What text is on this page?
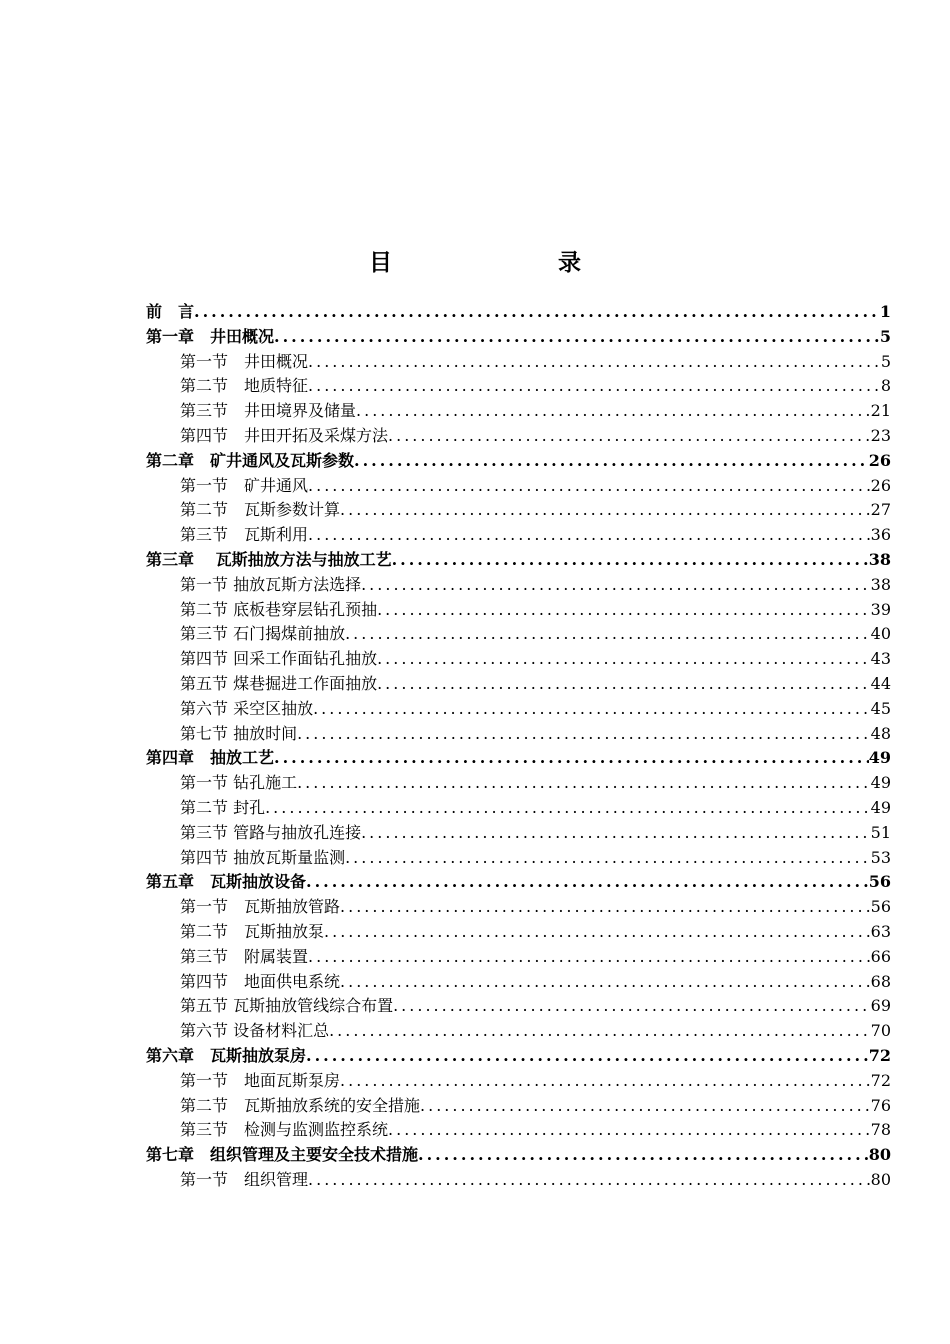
目　　录
前　言 .....	1
第一章　井田概况 .....	5
第一节　井田概况 .....	5
第二节　地质特征 .....	8
第三节　井田境界及储量 .....	21
第四节　井田开拓及采煤方法 .....	23
第二章　矿井通风及瓦斯参数 .....	26
第一节　矿井通风 .....	26
第二节　瓦斯参数计算 .....	27
第三节　瓦斯利用 .....	36
第三章　 瓦斯抽放方法与抽放工艺 .....	38
第一节 抽放瓦斯方法选择 .....	38
第二节 底板巷穿层钻孔预抽 .....	39
第三节 石门揭煤前抽放 .....	40
第四节 回采工作面钻孔抽放 .....	43
第五节 煤巷掘进工作面抽放 .....	44
第六节 采空区抽放 .....	45
第七节 抽放时间 .....	48
第四章　抽放工艺 .....	49
第一节 钻孔施工 .....	49
第二节 封孔 .....	49
第三节 管路与抽放孔连接 .....	51
第四节 抽放瓦斯量监测 .....	53
第五章　瓦斯抽放设备 .....	56
第一节　瓦斯抽放管路 .....	56
第二节　瓦斯抽放泵 .....	63
第三节　附属装置 .....	66
第四节　地面供电系统 .....	68
第五节 瓦斯抽放管线综合布置 .....	69
第六节 设备材料汇总 .....	70
第六章　瓦斯抽放泵房 .....	72
第一节　地面瓦斯泵房 .....	72
第二节　瓦斯抽放系统的安全措施 .....	76
第三节　检测与监测监控系统 .....	78
第七章　组织管理及主要安全技术措施 .....	80
第一节　组织管理 .....	80
